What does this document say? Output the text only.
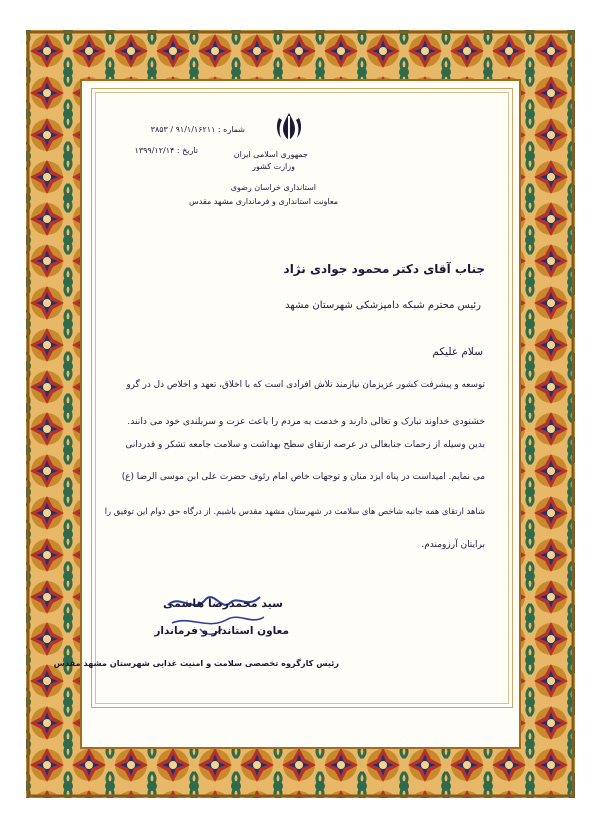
جمهوری اسلامی ایران
وزارت کشور
استانداری خراسان رضوی
معاونت استانداری و فرمانداری مشهد مقدس
شماره : ۹۱/۱/۱۶۲۱۱ / ۳۸۵۳
تاریخ : ۱۳۹۹/۱۲/۱۴
جناب آقای دکتر محمود جوادی نژاد
رئیس محترم شبکه دامپزشکی شهرستان مشهد
سلام علیکم
توسعه و پیشرفت کشور عزیزمان نیازمند تلاش افرادی است که با اخلاق، تعهد و اخلاص دل در گرو
خشنودی خداوند تبارک و تعالی دارند و خدمت به مردم را باعث عزت و سربلندی خود می دانند.
بدین وسیله از زحمات جنابعالی در عرصه ارتقای سطح بهداشت و سلامت جامعه تشکر و قدردانی
می نمایم. امیداست در پناه ایزد منان و توجهات خاص امام رئوف حضرت علی ابن موسی الرضا (ع)
شاهد ارتقای همه جانبه شاخص های سلامت در شهرستان مشهد مقدس باشیم. از درگاه حق دوام این توفیق را
برایتان آرزومندم.
سید محمدرضا هاشمی
معاون استاندار و فرماندار
رئیس کارگروه تخصصی سلامت و امنیت غذایی شهرستان مشهد مقدس
